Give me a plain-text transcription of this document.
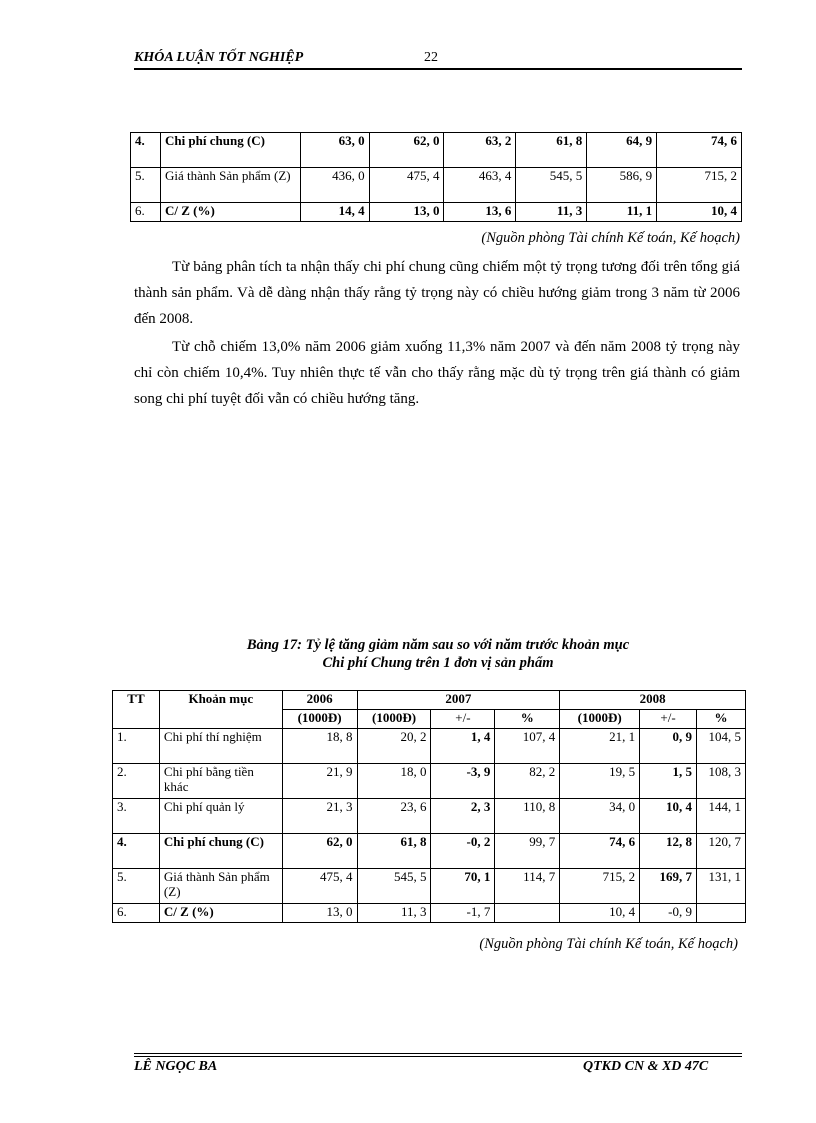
KHÓA LUẬN TỐT NGHIỆP	22
4.	Chi phí chung (C)	63, 0	62, 0	63, 2	61, 8	64, 9	74, 6
5.	Giá thành Sản phẩm (Z)	436, 0	475, 4	463, 4	545, 5	586, 9	715, 2
6.	C/ Z (%)	14, 4	13, 0	13, 6	11, 3	11, 1	10, 4
(Nguồn phòng Tài chính Kế toán, Kế hoạch)

Từ bảng phân tích ta nhận thấy chi phí chung cũng chiếm một tỷ trọng tương đối trên tổng giá thành sản phẩm. Và dễ dàng nhận thấy rằng tỷ trọng này có chiều hướng giảm trong 3 năm từ 2006 đến 2008.

Từ chỗ chiếm 13,0% năm 2006 giảm xuống 11,3% năm 2007 và đến năm 2008 tỷ trọng này chỉ còn chiếm 10,4%. Tuy nhiên thực tế vẫn cho thấy rằng mặc dù tỷ trọng trên giá thành có giảm song chi phí tuyệt đối vẫn có chiều hướng tăng.

Bảng 17: Tỷ lệ tăng giảm năm sau so với năm trước khoản mục
Chi phí Chung trên 1 đơn vị sản phẩm
TT	Khoản mục	2006	2007			2008		
		(1000Đ)	(1000Đ)	+/-	%	(1000Đ)	+/-	%
1.	Chi phí thí nghiệm	18, 8	20, 2	1, 4	107, 4	21, 1	0, 9	104, 5
2.	Chi phí bằng tiền khác	21, 9	18, 0	-3, 9	82, 2	19, 5	1, 5	108, 3
3.	Chi phí quản lý	21, 3	23, 6	2, 3	110, 8	34, 0	10, 4	144, 1
4.	Chi phí chung (C)	62, 0	61, 8	-0, 2	99, 7	74, 6	12, 8	120, 7
5.	Giá thành Sản phẩm (Z)	475, 4	545, 5	70, 1	114, 7	715, 2	169, 7	131, 1
6.	C/ Z (%)	13, 0	11, 3	-1, 7		10, 4	-0, 9	
(Nguồn phòng Tài chính Kế toán, Kế hoạch)
LÊ NGỌC BA	QTKD CN & XD 47C
